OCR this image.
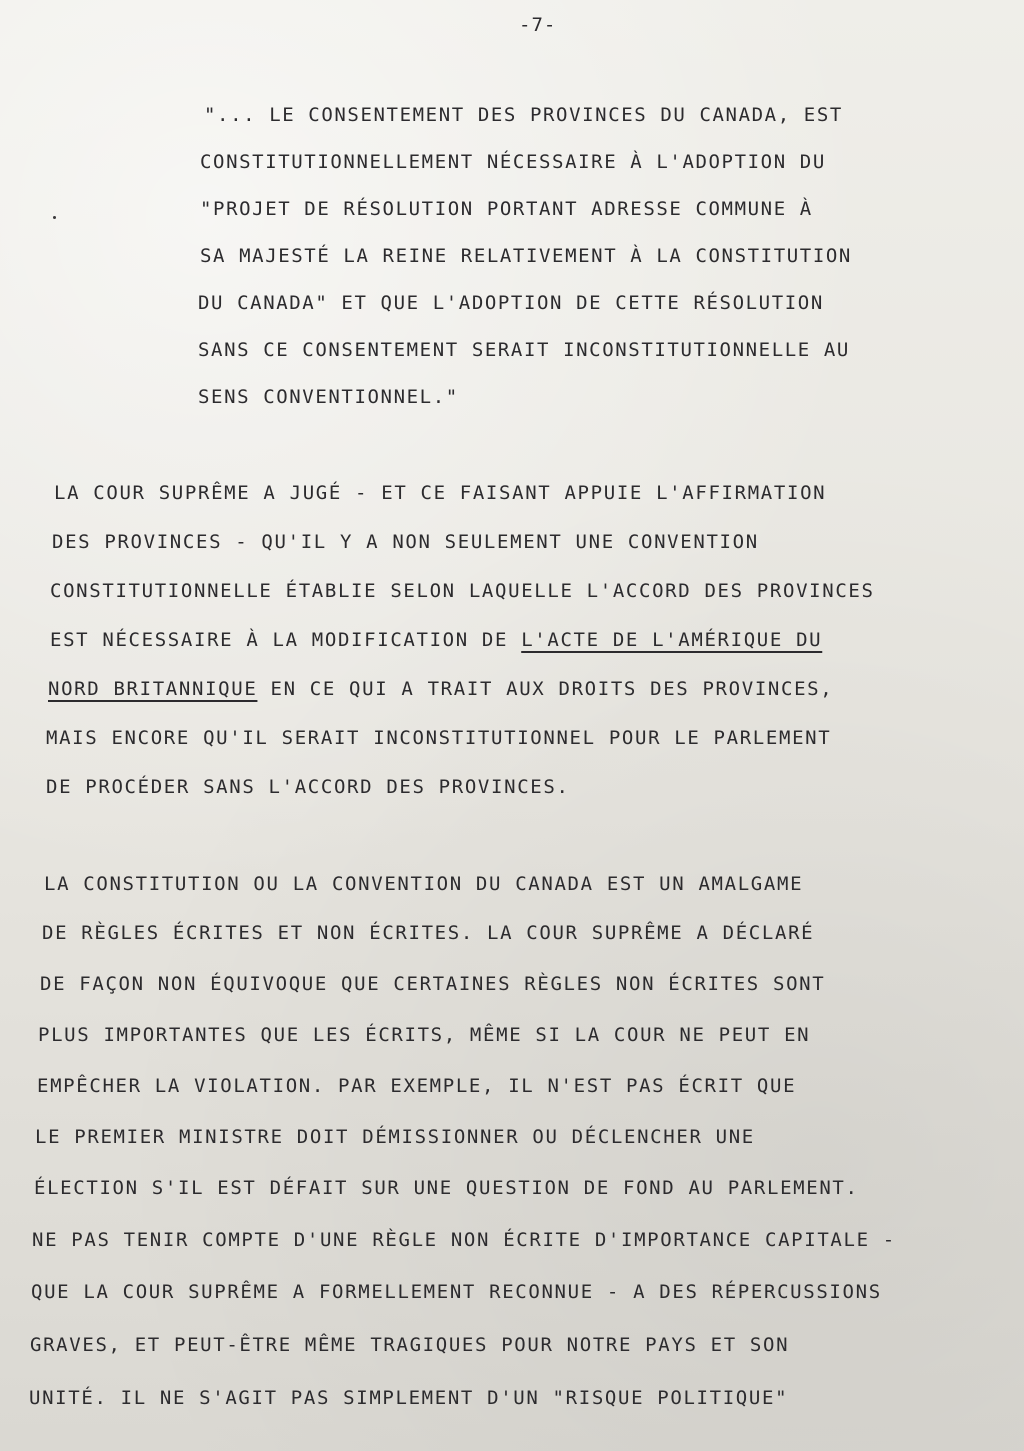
-7-
"... LE CONSENTEMENT DES PROVINCES DU CANADA, EST
CONSTITUTIONNELLEMENT NÉCESSAIRE À L'ADOPTION DU
"PROJET DE RÉSOLUTION PORTANT ADRESSE COMMUNE À
SA MAJESTÉ LA REINE RELATIVEMENT À LA CONSTITUTION
DU CANADA" ET QUE L'ADOPTION DE CETTE RÉSOLUTION
SANS CE CONSENTEMENT SERAIT INCONSTITUTIONNELLE AU
SENS CONVENTIONNEL."
LA COUR SUPRÊME A JUGÉ - ET CE FAISANT APPUIE L'AFFIRMATION
DES PROVINCES - QU'IL Y A NON SEULEMENT UNE CONVENTION
CONSTITUTIONNELLE ÉTABLIE SELON LAQUELLE L'ACCORD DES PROVINCES
EST NÉCESSAIRE À LA MODIFICATION DE L'ACTE DE L'AMÉRIQUE DU
NORD BRITANNIQUE EN CE QUI A TRAIT AUX DROITS DES PROVINCES,
MAIS ENCORE QU'IL SERAIT INCONSTITUTIONNEL POUR LE PARLEMENT
DE PROCÉDER SANS L'ACCORD DES PROVINCES.
LA CONSTITUTION OU LA CONVENTION DU CANADA EST UN AMALGAME
DE RÈGLES ÉCRITES ET NON ÉCRITES. LA COUR SUPRÊME A DÉCLARÉ
DE FAÇON NON ÉQUIVOQUE QUE CERTAINES RÈGLES NON ÉCRITES SONT
PLUS IMPORTANTES QUE LES ÉCRITS, MÊME SI LA COUR NE PEUT EN
EMPÊCHER LA VIOLATION. PAR EXEMPLE, IL N'EST PAS ÉCRIT QUE
LE PREMIER MINISTRE DOIT DÉMISSIONNER OU DÉCLENCHER UNE
ÉLECTION S'IL EST DÉFAIT SUR UNE QUESTION DE FOND AU PARLEMENT.
NE PAS TENIR COMPTE D'UNE RÈGLE NON ÉCRITE D'IMPORTANCE CAPITALE -
QUE LA COUR SUPRÊME A FORMELLEMENT RECONNUE - A DES RÉPERCUSSIONS
GRAVES, ET PEUT-ÊTRE MÊME TRAGIQUES POUR NOTRE PAYS ET SON
UNITÉ. IL NE S'AGIT PAS SIMPLEMENT D'UN "RISQUE POLITIQUE"
